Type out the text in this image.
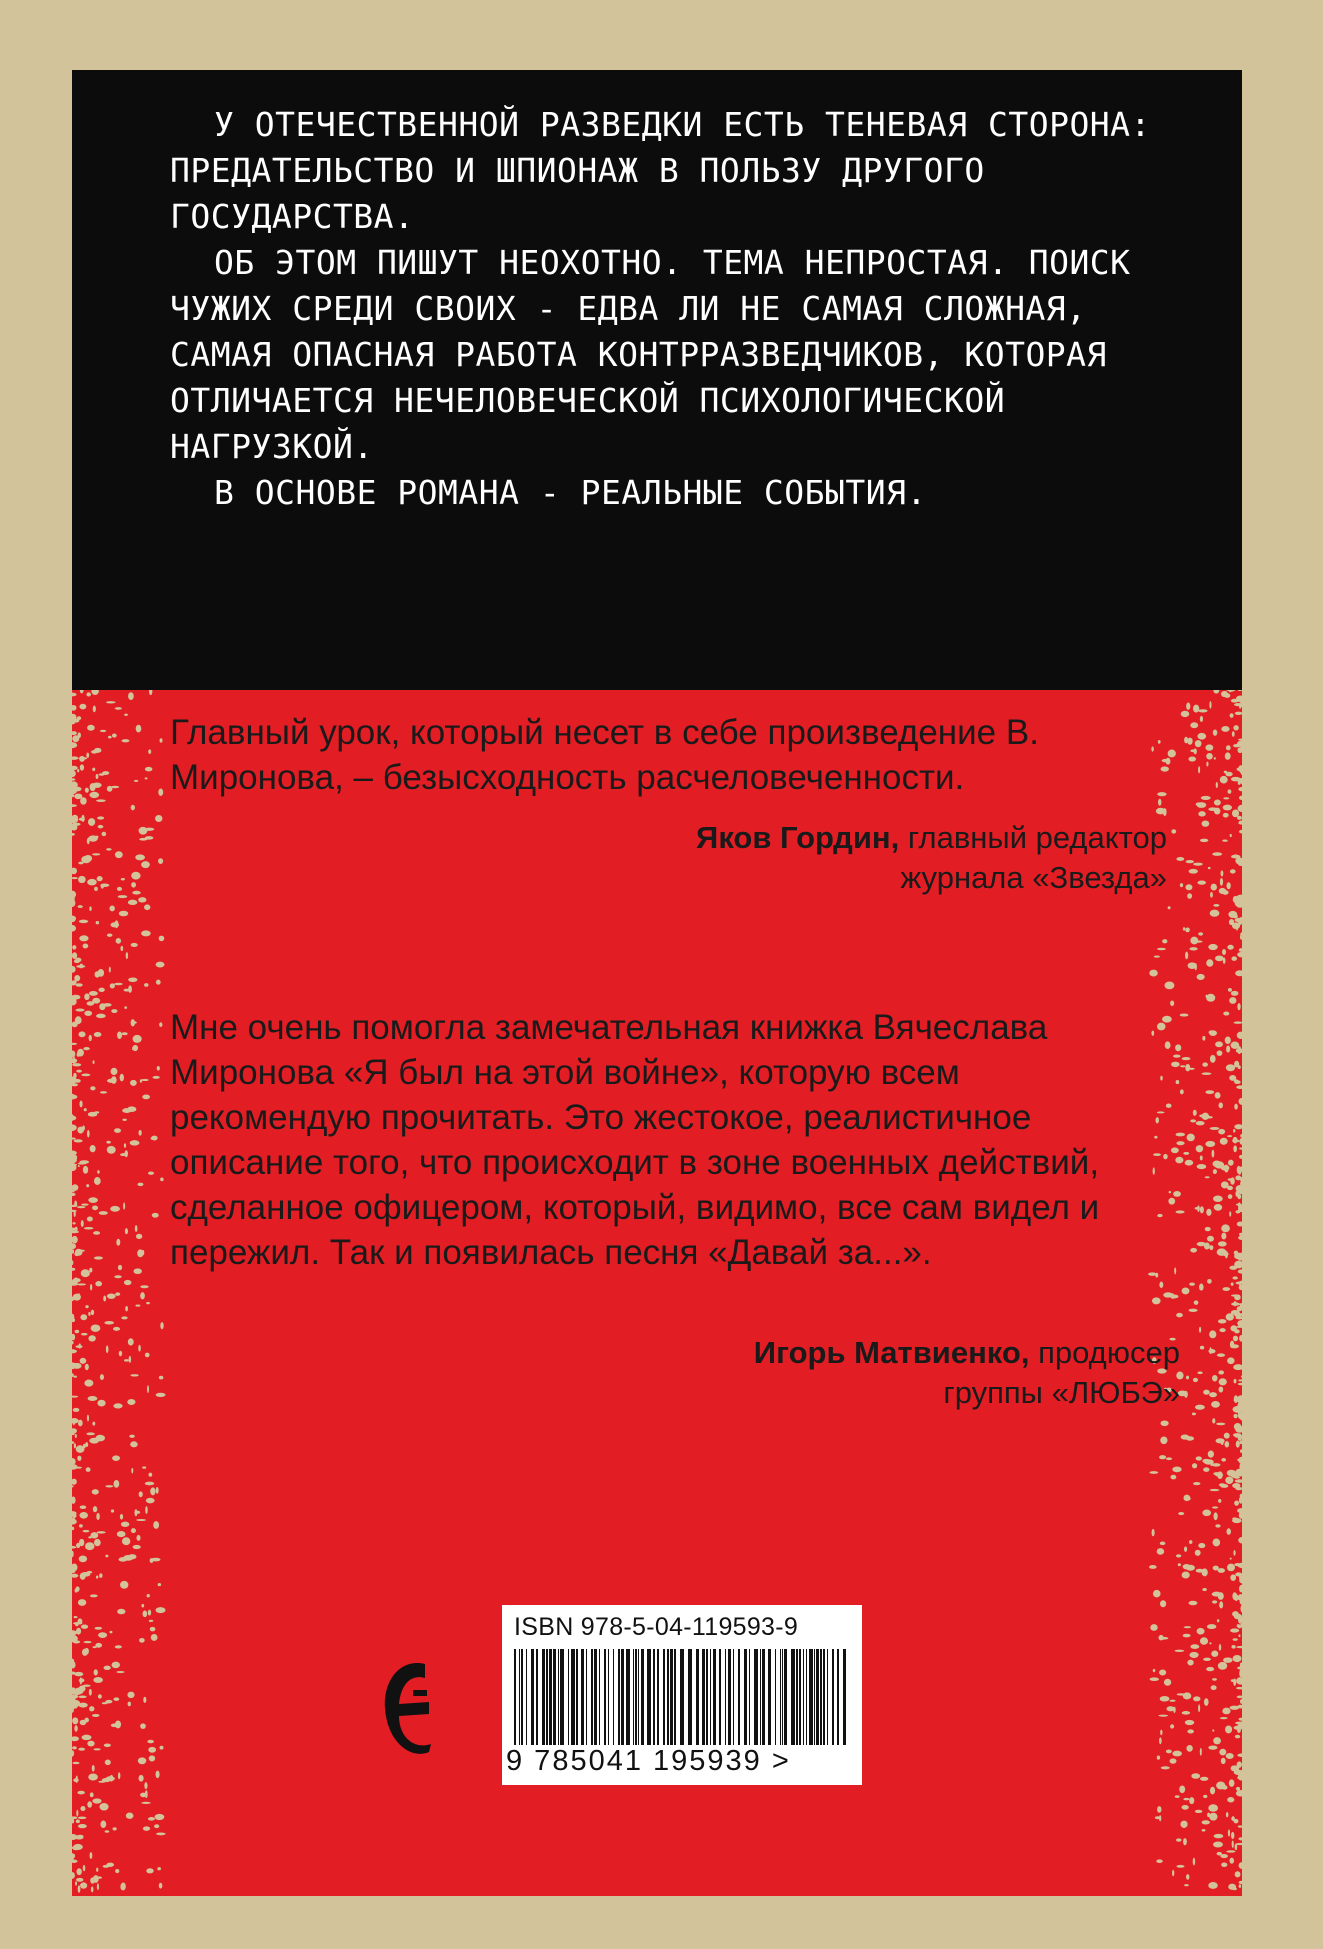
У ОТЕЧЕСТВЕННОЙ РАЗВЕДКИ ЕСТЬ ТЕНЕВАЯ СТОРОНА: ПРЕДАТЕЛЬСТВО И ШПИОНАЖ В ПОЛЬЗУ ДРУГОГО ГОСУДАРСТВА.

ОБ ЭТОМ ПИШУТ НЕОХОТНО. ТЕМА НЕПРОСТАЯ. ПОИСК ЧУЖИХ СРЕДИ СВОИХ - ЕДВА ЛИ НЕ САМАЯ СЛОЖНАЯ, САМАЯ ОПАСНАЯ РАБОТА КОНТРРАЗВЕДЧИКОВ, КОТОРАЯ ОТЛИЧАЕТСЯ НЕЧЕЛОВЕЧЕСКОЙ ПСИХОЛОГИЧЕСКОЙ НАГРУЗКОЙ.

В ОСНОВЕ РОМАНА - РЕАЛЬНЫЕ СОБЫТИЯ.

Главный урок, который несет в себе произведение В. Миронова, – безысходность расчеловеченности.

Яков Гордин, главный редактор
журнала «Звезда»

Мне очень помогла замечательная книжка Вячеслава Миронова «Я был на этой войне», которую всем рекомендую прочитать. Это жестокое, реалистичное описание того, что происходит в зоне военных действий, сделанное офицером, который, видимо, все сам видел и пережил. Так и появилась песня «Давай за...».

Игорь Матвиенко, продюсер
группы «ЛЮБЭ»
ISBN 978-5-04-119593-9
9 785041 195939 >
